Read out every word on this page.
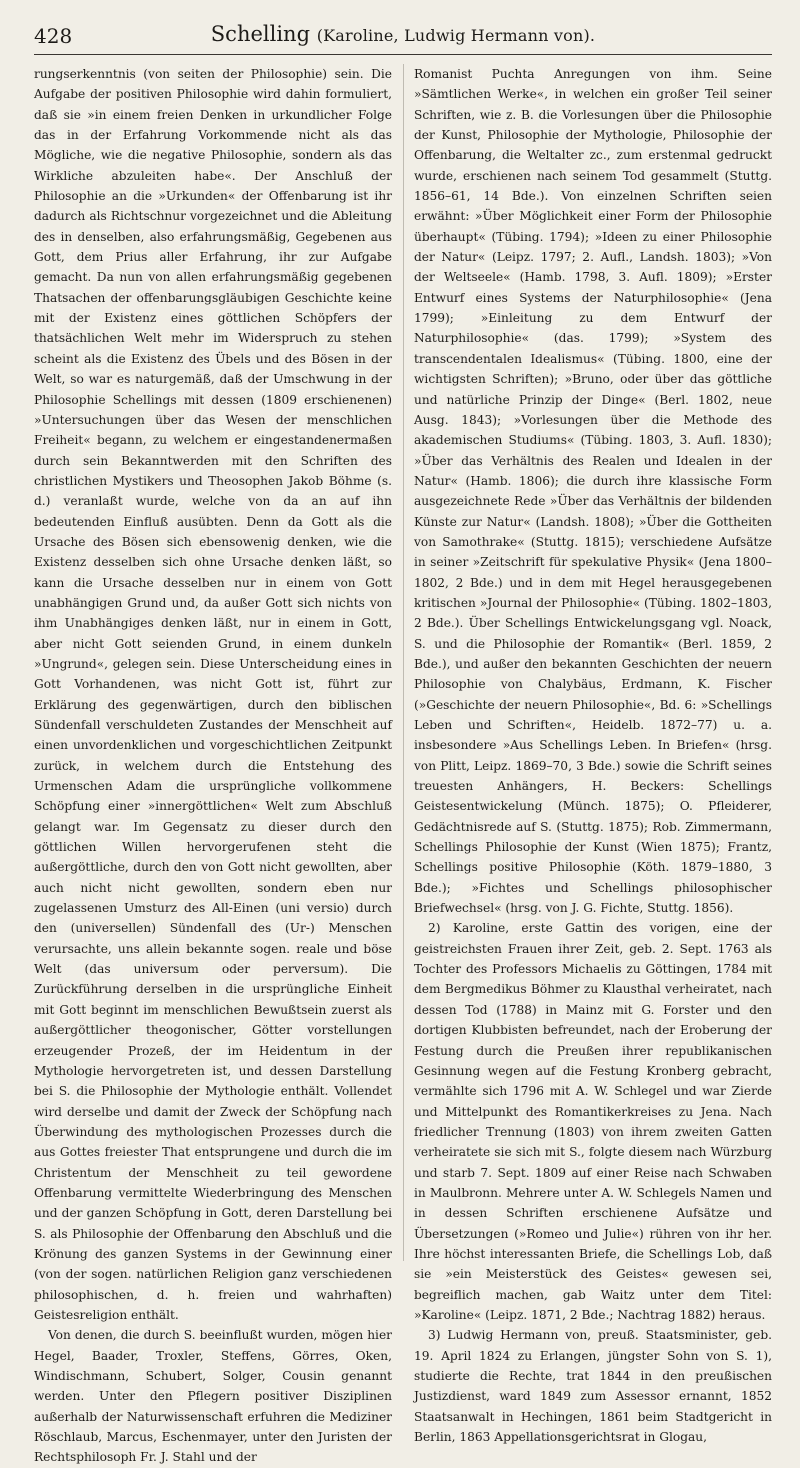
428	Schelling (Karoline, Ludwig Hermann von).

rungserkenntnis (von seiten der Philosophie) sein. Die Aufgabe der positiven Philosophie wird dahin formuliert, daß sie »in einem freien Denken in urkundlicher Folge das in der Erfahrung Vorkommende nicht als das Mögliche, wie die negative Philosophie, sondern als das Wirkliche abzuleiten habe«. Der Anschluß der Philosophie an die »Urkunden« der Offenbarung ist ihr dadurch als Richtschnur vorgezeichnet und die Ableitung des in denselben, also erfahrungsmäßig, Gegebenen aus Gott, dem Prius aller Erfahrung, ihr zur Aufgabe gemacht. Da nun von allen erfahrungsmäßig gegebenen Thatsachen der offenbarungsgläubigen Geschichte keine mit der Existenz eines göttlichen Schöpfers der thatsächlichen Welt mehr im Widerspruch zu stehen scheint als die Existenz des Übels und des Bösen in der Welt, so war es naturgemäß, daß der Umschwung in der Philosophie Schellings mit dessen (1809 erschienenen) »Untersuchungen über das Wesen der menschlichen Freiheit« begann, zu welchem er eingestandenermaßen durch sein Bekanntwerden mit den Schriften des christlichen Mystikers und Theosophen Jakob Böhme (s. d.) veranlaßt wurde, welche von da an auf ihn bedeutenden Einfluß ausübten. Denn da Gott als die Ursache des Bösen sich ebensowenig denken, wie die Existenz desselben sich ohne Ursache denken läßt, so kann die Ursache desselben nur in einem von Gott unabhängigen Grund und, da außer Gott sich nichts von ihm Unabhängiges denken läßt, nur in einem in Gott, aber nicht Gott seienden Grund, in einem dunkeln »Ungrund«, gelegen sein. Diese Unterscheidung eines in Gott Vorhandenen, was nicht Gott ist, führt zur Erklärung des gegenwärtigen, durch den biblischen Sündenfall verschuldeten Zustandes der Menschheit auf einen unvordenklichen und vorgeschichtlichen Zeitpunkt zurück, in welchem durch die Entstehung des Urmenschen Adam die ursprüngliche vollkommene Schöpfung einer »innergöttlichen« Welt zum Abschluß gelangt war. Im Gegensatz zu dieser durch den göttlichen Willen hervorgerufenen steht die außergöttliche, durch den von Gott nicht gewollten, aber auch nicht nicht gewollten, sondern eben nur zugelassenen Umsturz des All-Einen (uni versio) durch den (universellen) Sündenfall des (Ur-) Menschen verursachte, uns allein bekannte sogen. reale und böse Welt (das universum oder perversum). Die Zurückführung derselben in die ursprüngliche Einheit mit Gott beginnt im menschlichen Bewußtsein zuerst als außergöttlicher theogonischer, Götter vorstellungen erzeugender Prozeß, der im Heidentum in der Mythologie hervorgetreten ist, und dessen Darstellung bei S. die Philosophie der Mythologie enthält. Vollendet wird derselbe und damit der Zweck der Schöpfung nach Überwindung des mythologischen Prozesses durch die aus Gottes freiester That entsprungene und durch die im Christentum der Menschheit zu teil gewordene Offenbarung vermittelte Wiederbringung des Menschen und der ganzen Schöpfung in Gott, deren Darstellung bei S. als Philosophie der Offenbarung den Abschluß und die Krönung des ganzen Systems in der Gewinnung einer (von der sogen. natürlichen Religion ganz verschiedenen philosophischen, d. h. freien und wahrhaften) Geistesreligion enthält.

Von denen, die durch S. beeinflußt wurden, mögen hier Hegel, Baader, Troxler, Steffens, Görres, Oken, Windischmann, Schubert, Solger, Cousin genannt werden. Unter den Pflegern positiver Disziplinen außerhalb der Naturwissenschaft erfuhren die Mediziner Röschlaub, Marcus, Eschenmayer, unter den Juristen der Rechtsphilosoph Fr. J. Stahl und der

Romanist Puchta Anregungen von ihm. Seine »Sämtlichen Werke«, in welchen ein großer Teil seiner Schriften, wie z. B. die Vorlesungen über die Philosophie der Kunst, Philosophie der Mythologie, Philosophie der Offenbarung, die Weltalter zc., zum erstenmal gedruckt wurde, erschienen nach seinem Tod gesammelt (Stuttg. 1856–61, 14 Bde.). Von einzelnen Schriften seien erwähnt: »Über Möglichkeit einer Form der Philosophie überhaupt« (Tübing. 1794); »Ideen zu einer Philosophie der Natur« (Leipz. 1797; 2. Aufl., Landsh. 1803); »Von der Weltseele« (Hamb. 1798, 3. Aufl. 1809); »Erster Entwurf eines Systems der Naturphilosophie« (Jena 1799); »Einleitung zu dem Entwurf der Naturphilosophie« (das. 1799); »System des transcendentalen Idealismus« (Tübing. 1800, eine der wichtigsten Schriften); »Bruno, oder über das göttliche und natürliche Prinzip der Dinge« (Berl. 1802, neue Ausg. 1843); »Vorlesungen über die Methode des akademischen Studiums« (Tübing. 1803, 3. Aufl. 1830); »Über das Verhältnis des Realen und Idealen in der Natur« (Hamb. 1806); die durch ihre klassische Form ausgezeichnete Rede »Über das Verhältnis der bildenden Künste zur Natur« (Landsh. 1808); »Über die Gottheiten von Samothrake« (Stuttg. 1815); verschiedene Aufsätze in seiner »Zeitschrift für spekulative Physik« (Jena 1800–1802, 2 Bde.) und in dem mit Hegel herausgegebenen kritischen »Journal der Philosophie« (Tübing. 1802–1803, 2 Bde.). Über Schellings Entwickelungsgang vgl. Noack, S. und die Philosophie der Romantik« (Berl. 1859, 2 Bde.), und außer den bekannten Geschichten der neuern Philosophie von Chalybäus, Erdmann, K. Fischer (»Geschichte der neuern Philosophie«, Bd. 6: »Schellings Leben und Schriften«, Heidelb. 1872–77) u. a. insbesondere »Aus Schellings Leben. In Briefen« (hrsg. von Plitt, Leipz. 1869–70, 3 Bde.) sowie die Schrift seines treuesten Anhängers, H. Beckers: Schellings Geistesentwickelung (Münch. 1875); O. Pfleiderer, Gedächtnisrede auf S. (Stuttg. 1875); Rob. Zimmermann, Schellings Philosophie der Kunst (Wien 1875); Frantz, Schellings positive Philosophie (Köth. 1879–1880, 3 Bde.); »Fichtes und Schellings philosophischer Briefwechsel« (hrsg. von J. G. Fichte, Stuttg. 1856).

2) Karoline, erste Gattin des vorigen, eine der geistreichsten Frauen ihrer Zeit, geb. 2. Sept. 1763 als Tochter des Professors Michaelis zu Göttingen, 1784 mit dem Bergmedikus Böhmer zu Klausthal verheiratet, nach dessen Tod (1788) in Mainz mit G. Forster und den dortigen Klubbisten befreundet, nach der Eroberung der Festung durch die Preußen ihrer republikanischen Gesinnung wegen auf die Festung Kronberg gebracht, vermählte sich 1796 mit A. W. Schlegel und war Zierde und Mittelpunkt des Romantikerkreises zu Jena. Nach friedlicher Trennung (1803) von ihrem zweiten Gatten verheiratete sie sich mit S., folgte diesem nach Würzburg und starb 7. Sept. 1809 auf einer Reise nach Schwaben in Maulbronn. Mehrere unter A. W. Schlegels Namen und in dessen Schriften erschienene Aufsätze und Übersetzungen (»Romeo und Julie«) rühren von ihr her. Ihre höchst interessanten Briefe, die Schellings Lob, daß sie »ein Meisterstück des Geistes« gewesen sei, begreiflich machen, gab Waitz unter dem Titel: »Karoline« (Leipz. 1871, 2 Bde.; Nachtrag 1882) heraus.

3) Ludwig Hermann von, preuß. Staatsminister, geb. 19. April 1824 zu Erlangen, jüngster Sohn von S. 1), studierte die Rechte, trat 1844 in den preußischen Justizdienst, ward 1849 zum Assessor ernannt, 1852 Staatsanwalt in Hechingen, 1861 beim Stadtgericht in Berlin, 1863 Appellationsgerichtsrat in Glogau,
